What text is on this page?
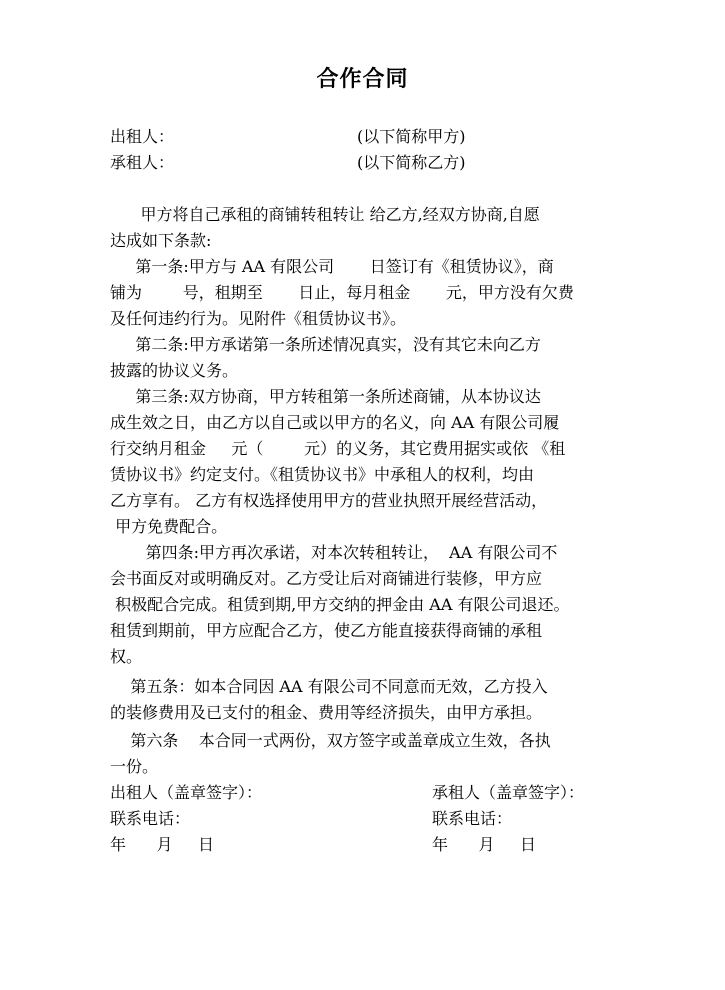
合作合同
出租人：	(以下简称甲方)
承租人：	(以下简称乙方)
甲方将自己承租的商铺转租转让 给乙方,经双方协商,自愿
达成如下条款:
第一条:甲方与 AA 有限公司       日签订有《租赁协议》，商
铺为        号，租期至       日止，每月租金       元，甲方没有欠费
及任何违约行为。见附件《租赁协议书》。
第二条:甲方承诺第一条所述情况真实，没有其它未向乙方
披露的协议义务。
第三条:双方协商，甲方转租第一条所述商铺，从本协议达
成生效之日，由乙方以自己或以甲方的名义，向 AA 有限公司履
行交纳月租金     元（        元）的义务，其它费用据实或依 《租
赁协议书》约定支付。《租赁协议书》中承租人的权利，均由
乙方享有。 乙方有权选择使用甲方的营业执照开展经营活动，
甲方免费配合。
第四条:甲方再次承诺，对本次转租转让，  AA 有限公司不
会书面反对或明确反对。乙方受让后对商铺进行装修，甲方应
积极配合完成。租赁到期,甲方交纳的押金由 AA 有限公司退还。
租赁到期前，甲方应配合乙方，使乙方能直接获得商铺的承租
权。
第五条：如本合同因 AA 有限公司不同意而无效，乙方投入
的装修费用及已支付的租金、费用等经济损失，由甲方承担。
第六条    本合同一式两份，双方签字或盖章成立生效，各执
一份。
出租人（盖章签字）：	承租人（盖章签字）：
联系电话：	联系电话：
年      月     日	年      月     日
